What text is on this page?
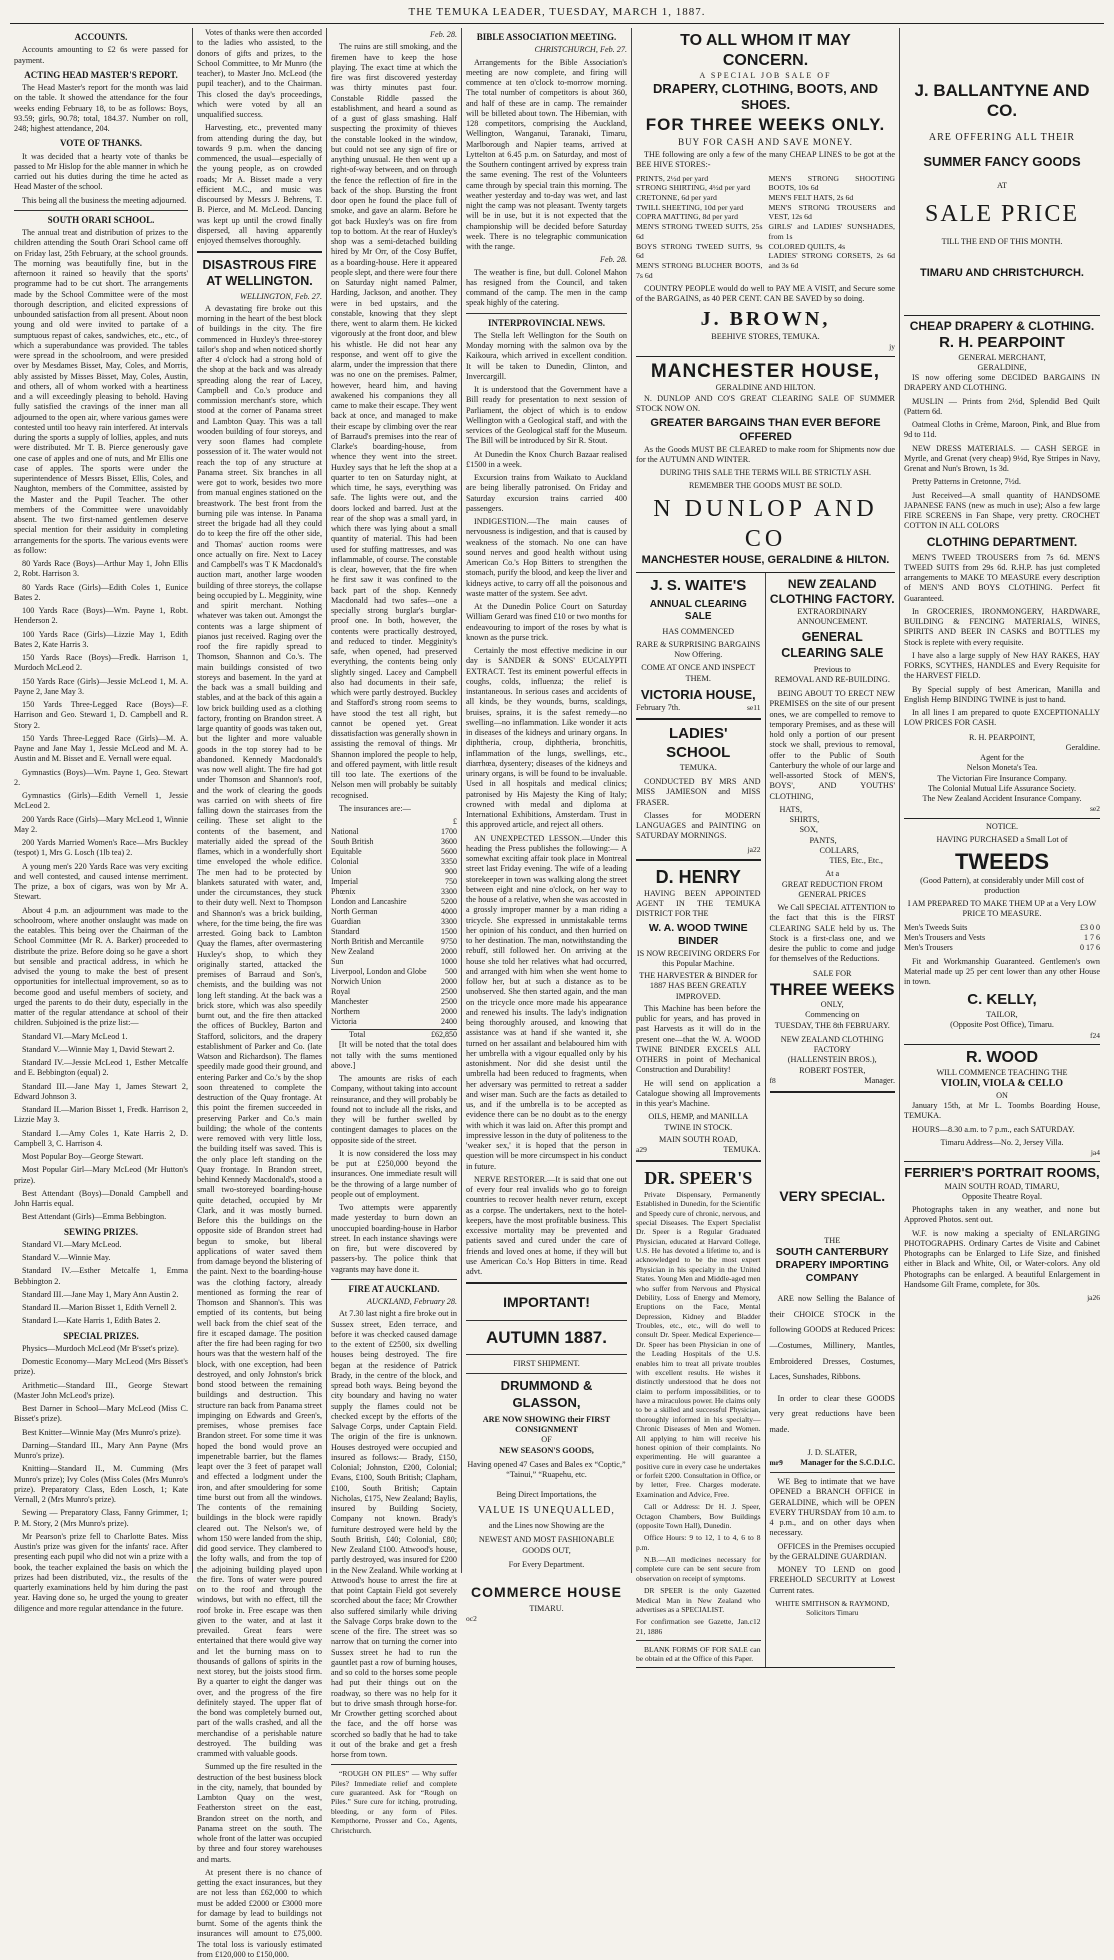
THE TEMUKA LEADER, TUESDAY, MARCH 1, 1887.
ACCOUNTS.

Accounts amounting to £2 6s were passed for payment.

ACTING HEAD MASTER'S REPORT.

The Head Master's report for the month was laid on the table. It showed the attendance for the four weeks ending February 18, to be as follows: Boys, 93.59; girls, 90.78; total, 184.37. Number on roll, 248; highest attendance, 204.

VOTE OF THANKS.

It was decided that a hearty vote of thanks be passed to Mr Hislop for the able manner in which he carried out his duties during the time he acted as Head Master of the school.

This being all the business the meeting adjourned.

SOUTH ORARI SCHOOL.

The annual treat and distribution of prizes to the children attending the South Orari School came off on Friday last, 25th February, at the school grounds. The morning was beautifully fine, but in the afternoon it rained so heavily that the sports' programme had to be cut short. The arrangements made by the School Committee were of the most thorough description, and elicited expressions of unbounded satisfaction from all present. About noon young and old were invited to partake of a sumptuous repast of cakes, sandwiches, etc., etc., of which a superabundance was provided. The tables were spread in the schoolroom, and were presided over by Mesdames Bisset, May, Coles, and Morris, ably assisted by Misses Bisset, May, Coles, Austin, and others, all of whom worked with a heartiness and a will exceedingly pleasing to behold. Having fully satisfied the cravings of the inner man all adjourned to the open air, where various games were contested until too heavy rain interfered. At intervals during the sports a supply of lollies, apples, and nuts were distributed. Mr T. B. Pierce generously gave one case of apples and one of nuts, and Mr Ellis one case of apples. The sports were under the superintendence of Messrs Bisset, Ellis, Coles, and Naughton, members of the Committee, assisted by the Master and the Pupil Teacher. The other members of the Committee were unavoidably absent. The two first-named gentlemen deserve special mention for their assiduity in completing arrangements for the sports. The various events were as follow:

80 Yards Race (Boys)—Arthur May 1, John Ellis 2, Robt. Harrison 3.

80 Yards Race (Girls)—Edith Coles 1, Eunice Bates 2.

100 Yards Race (Boys)—Wm. Payne 1, Robt. Henderson 2.

100 Yards Race (Girls)—Lizzie May 1, Edith Bates 2, Kate Harris 3.

150 Yards Race (Boys)—Fredk. Harrison 1, Murdoch McLeod 2.

150 Yards Race (Girls)—Jessie McLeod 1, M. A. Payne 2, Jane May 3.

150 Yards Three-Legged Race (Boys)—F. Harrison and Geo. Steward 1, D. Campbell and R. Story 2.

150 Yards Three-Legged Race (Girls)—M. A. Payne and Jane May 1, Jessie McLeod and M. A. Austin and M. Bisset and E. Vernall were equal.

Gymnastics (Boys)—Wm. Payne 1, Geo. Stewart 2.

Gymnastics (Girls)—Edith Vernell 1, Jessie McLeod 2.

200 Yards Race (Girls)—Mary McLeod 1, Winnie May 2.

200 Yards Married Women's Race—Mrs Buckley (tespot) 1, Mrs G. Losch (1lb tea) 2.

A young men's 220 Yards Race was very exciting and well contested, and caused intense merriment. The prize, a box of cigars, was won by Mr A. Stewart.

About 4 p.m. an adjournment was made to the schoolroom, where another onslaught was made on the eatables. This being over the Chairman of the School Committee (Mr R. A. Barker) proceeded to distribute the prize. Before doing so he gave a short but sensible and practical address, in which he advised the young to make the best of present opportunities for intellectual improvement, so as to become good and useful members of society, and urged the parents to do their duty, especially in the matter of the regular attendance at school of their children. Subjoined is the prize list:—

Standard VI.—Mary McLeod 1.

Standard V.—Winnie May 1, David Stewart 2.

Standard IV.—Jessie McLeod 1, Esther Metcalfe and E. Bebbington (equal) 2.

Standard III.—Jane May 1, James Stewart 2, Edward Johnson 3.

Standard II.—Marion Bisset 1, Fredk. Harrison 2, Lizzie May 3.

Standard I.—Amy Coles 1, Kate Harris 2, D. Campbell 3, C. Harrison 4.

Most Popular Boy—George Stewart.

Most Popular Girl—Mary McLeod (Mr Hutton's prize).

Best Attendant (Boys)—Donald Campbell and John Harris equal.

Best Attendant (Girls)—Emma Bebbington.

SEWING PRIZES.

Standard VI.—Mary McLeod.

Standard V.—Winnie May.

Standard IV.—Esther Metcalfe 1, Emma Bebbington 2.

Standard III.—Jane May 1, Mary Ann Austin 2.

Standard II.—Marion Bisset 1, Edith Vernell 2.

Standard I.—Kate Harris 1, Edith Bates 2.

SPECIAL PRIZES.

Physics—Murdoch McLeod (Mr B'sset's prize).

Domestic Economy—Mary McLeod (Mrs Bisset's prize).

Arithmetic—Standard III., George Stewart (Master John McLeod's prize).

Best Darner in School—Mary McLeod (Miss C. Bisset's prize).

Best Knitter—Winnie May (Mrs Munro's prize).

Darning—Standard III., Mary Ann Payne (Mrs Munro's prize).

Knitting—Standard II., M. Cumming (Mrs Munro's prize); Ivy Coles (Miss Coles (Mrs Munro's prize). Preparatory Class, Eden Losch, 1; Kate Vernall, 2 (Mrs Munro's prize).

Sewing — Preparatory Class, Fanny Grimmer, 1; P. M. Story, 2 (Mrs Munro's prize).

Mr Pearson's prize fell to Charlotte Bates. Miss Austin's prize was given for the infants' race. After presenting each pupil who did not win a prize with a book, the teacher explained the basis on which the prizes had been distributed, viz., the results of the quarterly examinations held by him during the past year. Having done so, he urged the young to greater diligence and more regular attendance in the future.

Votes of thanks were then accorded to the ladies who assisted, to the donors of gifts and prizes, to the School Committee, to Mr Munro (the teacher), to Master Jno. McLeod (the pupil teacher), and to the Chairman. This closed the day's proceedings, which were voted by all an unqualified success.

Harvesting, etc., prevented many from attending during the day, but towards 9 p.m. when the dancing commenced, the usual—especially of the young people, as on crowded roads; Mr A. Bisset made a very efficient M.C., and music was discoursed by Messrs J. Behrens, T. B. Pierce, and M. McLeod. Dancing was kept up until the crowd finally dispersed, all having apparently enjoyed themselves thoroughly.

DISASTROUS FIRE AT WELLINGTON.
WELLINGTON, Feb. 27.

A devastating fire broke out this morning in the heart of the best block of buildings in the city. The fire commenced in Huxley's three-storey tailor's shop and when noticed shortly after 4 o'clock had a strong hold of the shop at the back and was already spreading along the rear of Lacey, Campbell and Co.'s produce and commission merchant's store, which stood at the corner of Panama street and Lambton Quay. This was a tall wooden building of four storeys, and very soon flames had complete possession of it. The water would not reach the top of any structure at Panama street. Six branches in all were got to work, besides two more from manual engines stationed on the breastwork. The best front from the burning pile was intense. In Panama street the brigade had all they could do to keep the fire off the other side, and Thomas' auction rooms were once actually on fire. Next to Lacey and Campbell's was T K Macdonald's auction mart, another large wooden building of three storeys, the collapse being occupied by L. Megginity, wine and spirit merchant. Nothing whatever was taken out. Amongst the contents was a large shipment of pianos just received. Raging over the roof the fire rapidly spread to Thomson, Shannon and Co.'s. The main buildings consisted of two storeys and basement. In the yard at the back was a small building and stables, and at the back of this again a low brick building used as a clothing factory, fronting on Brandon street. A large quantity of goods was taken out, but the lighter and more valuable goods in the top storey had to be abandoned. Kennedy Macdonald's was now well alight. The fire had got under Thomson and Shannon's roof, and the work of clearing the goods was carried on with sheets of fire falling down the staircases from the ceiling. These set alight to the contents of the basement, and materially aided the spread of the flames, which in a wonderfully short time enveloped the whole edifice. The men had to be protected by blankets saturated with water, and, under the circumstances, they stuck to their duty well. Next to Thompson and Shannon's was a brick building, where, for the time being, the fire was arrested. Going back to Lambton Quay the flames, after overmastering Huxley's shop, to which they originally started, attacked the premises of Barraud and Son's, chemists, and the building was not long left standing. At the back was a brick store, which was also speedily burnt out, and the fire then attacked the offices of Buckley, Barton and Stafford, solicitors, and the drapery establishment of Parker and Co. (late Watson and Richardson). The flames speedily made good their ground, and entering Parker and Co.'s by the shop soon threatened to complete the destruction of the Quay frontage. At this point the firemen succeeded in preserving Parker and Co.'s main building; the whole of the contents were removed with very little loss, the building itself was saved. This is the only place left standing on the Quay frontage. In Brandon street, behind Kennedy Macdonald's, stood a small two-storeyed boarding-house quite detached, occupied by Mr Clark, and it was mostly burned. Before this the buildings on the opposite side of Brandon street had begun to smoke, but liberal applications of water saved them from damage beyond the blistering of the paint. Next to the boarding-house was the clothing factory, already mentioned as forming the rear of Thomson and Shannon's. This was emptied of its contents, but being well back from the chief seat of the fire it escaped damage. The position after the fire had been raging for two hours was that the western half of the block, with one exception, had been destroyed, and only Johnston's brick bond stood between the remaining buildings and destruction. This structure ran back from Panama street impinging on Edwards and Green's, premises, whose premises face Brandon street. For some time it was hoped the bond would prove an impenetrable barrier, but the flames leapt over the 3 feet of parapet wall and effected a lodgment under the iron, and after smouldering for some time burst out from all the windows. The contents of the remaining buildings in the block were rapidly cleared out. The Nelson's we, of whom 150 were landed from the ship, did good service. They clambered to the lofty walls, and from the top of the adjoining building played upon the fire. Tons of water were poured on to the roof and through the windows, but with no effect, till the roof broke in. Free escape was then given to the water, and at last it prevailed. Great fears were entertained that there would give way and let the burning mass on to thousands of gallons of spirits in the next storey, but the joists stood firm. By a quarter to eight the danger was over, and the progress of the fire definitely stayed. The upper flat of the bond was completely burned out, part of the walls crashed, and all the merchandise of a perishable nature destroyed. The building was crammed with valuable goods.

Summed up the fire resulted in the destruction of the best business block in the city, namely, that bounded by Lambton Quay on the west, Featherston street on the east, Brandon street on the north, and Panama street on the south. The whole front of the latter was occupied by three and four storey warehouses and marts.

At present there is no chance of getting the exact insurances, but they are not less than £62,000 to which must be added £2000 or £3000 more for damage by lead to buildings not burnt. Some of the agents think the insurances will amount to £75,000. The total loss is variously estimated from £120,000 to £150,000.

Feb. 28.

The ruins are still smoking, and the firemen have to keep the hose playing. The exact time at which the fire was first discovered yesterday was thirty minutes past four. Constable Riddle passed the establishment, and heard a sound as of a gust of glass smashing. Half suspecting the proximity of thieves the constable looked in the window, but could not see any sign of fire or anything unusual. He then went up a right-of-way between, and on through the fence the reflection of fire in the back of the shop. Bursting the front door open he found the place full of smoke, and gave an alarm. Before he got back Huxley's was on fire from top to bottom. At the rear of Huxley's shop was a semi-detached building hired by Mr Orr, of the Cosy Buffet, as a boarding-house. Here it appeared people slept, and there were four there on Saturday night named Palmer, Harding, Jackson, and another. They were in bed upstairs, and the constable, knowing that they slept there, went to alarm them. He kicked vigorously at the front door, and blew his whistle. He did not hear any response, and went off to give the alarm, under the impression that there was no one on the premises. Palmer, however, heard him, and having awakened his companions they all came to make their escape. They went back at once, and managed to make their escape by climbing over the rear of Barraud's premises into the rear of Clarke's boarding-house, from whence they went into the street. Huxley says that he left the shop at a quarter to ten on Saturday night, at which time, he says, everything was safe. The lights were out, and the doors locked and barred. Just at the rear of the shop was a small yard, in which there was lying about a small quantity of material. This had been used for stuffing mattresses, and was inflammable, of course. The constable is clear, however, that the fire when he first saw it was confined to the back part of the shop. Kennedy Macdonald had two safes—one a specially strong burglar's burglar-proof one. In both, however, the contents were practically destroyed, and reduced to tinder. Megginity's safe, when opened, had preserved everything, the contents being only slightly singed. Lacey and Campbell also had documents in their safe, which were partly destroyed. Buckley and Stafford's strong room seems to have stood the test all right, but cannot be opened yet. Great dissatisfaction was generally shown in assisting the removal of things. Mr Shannon implored the people to help, and offered payment, with little result till too late. The exertions of the Nelson men will probably be suitably recognised.

The insurances are:—

£
National	1700
South British	3600
Equitable	5600
Colonial	3350
Union	900
Imperial	750
Phœnix	3300
London and Lancashire	5200
North German	4000
Guardian	3300
Standard	1500
North British and Mercantile	9750
New Zealand	2000
Sun	1000
Liverpool, London and Globe	500
Norwich Union	2000
Royal	2500
Manchester	2500
Northern	2000
Victoria	2400
Total	£62,850

[It will be noted that the total does not tally with the sums mentioned above.]

The amounts are risks of each Company, without taking into account reinsurance, and they will probably be found not to include all the risks, and they will be further swelled by contingent damages to places on the opposite side of the street.

It is now considered the loss may be put at £250,000 beyond the insurances. One immediate result will be the throwing of a large number of people out of employment.

Two attempts were apparently made yesterday to burn down an unoccupied boarding-house in Harbor street. In each instance shavings were on fire, but were discovered by passers-by. The police think that vagrants may have done it.

FIRE AT AUCKLAND.
AUCKLAND, February 28.

At 7.30 last night a fire broke out in Sussex street, Eden terrace, and before it was checked caused damage to the extent of £2500, six dwelling houses being destroyed. The fire began at the residence of Patrick Brady, in the centre of the block, and spread both ways. Being beyond the city boundary and having no water supply the flames could not be checked except by the efforts of the Salvage Corps, under Captain Field. The origin of the fire is unknown. Houses destroyed were occupied and insured as follows:— Brady, £150, Colonial; Johnston, £200, Colonial; Evans, £100, South British; Clapham, £100, South British; Captain Nicholas, £175, New Zealand; Baylis, insured by Building Society, Company not known. Brady's furniture destroyed were held by the South British, £40; Colonial, £80; New Zealand £100. Attwood's house, partly destroyed, was insured for £200 in the New Zealand. While working at Attwood's house to arrest the fire at that point Captain Field got severely scorched about the face; Mr Crowther also suffered similarly while driving the Salvage Corps brake down to the scene of the fire. The street was so narrow that on turning the corner into Sussex street he had to run the gauntlet past a row of burning houses, and so cold to the horses some people had put their things out on the roadway, so there was no help for it but to drive smash through horse-for. Mr Crowther getting scorched about the face, and the off horse was scorched so badly that he had to take it out of the brake and get a fresh horse from town.

“ROUGH ON PILES” — Why suffer Piles? Immediate relief and complete cure guaranteed. Ask for “Rough on Piles.” Sure cure for itching, protruding, bleeding, or any form of Piles. Kempthorne, Prosser and Co., Agents, Christchurch.

BIBLE ASSOCIATION MEETING.
CHRISTCHURCH, Feb. 27.

Arrangements for the Bible Association's meeting are now complete, and firing will commence at ten o'clock to-morrow morning. The total number of competitors is about 360, and half of these are in camp. The remainder will be billeted about town. The Hibernian, with 128 competitors, comprising the Auckland, Wellington, Wanganui, Taranaki, Timaru, Marlborough and Napier teams, arrived at Lyttelton at 6.45 p.m. on Saturday, and most of the Southern contingent arrived by express train the same evening. The rest of the Volunteers came through by special train this morning. The weather yesterday and to-day was wet, and last night the camp was not pleasant. Twenty targets will be in use, but it is not expected that the championship will be decided before Saturday week. There is no telegraphic communication with the range.

Feb. 28.

The weather is fine, but dull. Colonel Mahon has resigned from the Council, and taken command of the camp. The men in the camp speak highly of the catering.

INTERPROVINCIAL NEWS.

The Stella left Wellington for the South on Monday morning with the salmon ova by the Kaikoura, which arrived in excellent condition. It will be taken to Dunedin, Clinton, and Invercargill.

It is understood that the Government have a Bill ready for presentation to next session of Parliament, the object of which is to endow Wellington with a Geological staff, and with the services of the Geological staff for the Museum. The Bill will be introduced by Sir R. Stout.

At Dunedin the Knox Church Bazaar realised £1500 in a week.

Excursion trains from Waikato to Auckland are being liberally patronised. On Friday and Saturday excursion trains carried 400 passengers.

INDIGESTION.—The main causes of nervousness is indigestion, and that is caused by weakness of the stomach. No one can have sound nerves and good health without using American Co.'s Hop Bitters to strengthen the stomach, purify the blood, and keep the liver and kidneys active, to carry off all the poisonous and waste matter of the system. See advt.

At the Dunedin Police Court on Saturday William Gerard was fined £10 or two months for endeavouring to import of the roses by what is known as the purse trick.

Certainly the most effective medicine in our day is SANDER & SONS' EUCALYPTI EXTRACT. Test its eminent powerful effects in coughs, colds, influenza; the relief is instantaneous. In serious cases and accidents of all kinds, be they wounds, burns, scaldings, bruises, sprains, it is the safest remedy—no swelling—no inflammation. Like wonder it acts in diseases of the kidneys and urinary organs. In diphtheria, croup, diphtheria, bronchitis, inflammation of the lungs, swellings, etc., diarrhœa, dysentery; diseases of the kidneys and urinary organs, is will be found to be invaluable. Used in all hospitals and medical clinics; patronised by His Majesty the King of Italy; crowned with medal and diploma at International Exhibitions, Amsterdam. Trust in this approved article, and reject all others.

AN UNEXPECTED LESSON.—Under this heading the Press publishes the following:— A somewhat exciting affair took place in Montreal street last Friday evening. The wife of a leading storekeeper in town was walking along the street between eight and nine o'clock, on her way to the house of a relative, when she was accosted in a grossly improper manner by a man riding a tricycle. She expressed in unmistakable terms her opinion of his conduct, and then hurried on to her destination. The man, notwithstanding the rebuff, still followed her. On arriving at the house she told her relatives what had occurred, and arranged with him when she went home to follow her, but at such a distance as to be unobserved. She then started again, and the man on the tricycle once more made his appearance and renewed his insults. The lady's indignation being thoroughly aroused, and knowing that assistance was at hand if she wanted it, she turned on her assailant and belaboured him with her umbrella with a vigour equalled only by his astonishment. Nor did she desist until the umbrella had been reduced to fragments, when her adversary was permitted to retreat a sadder and wiser man. Such are the facts as detailed to us, and if the umbrella is to be accepted as evidence there can be no doubt as to the energy with which it was laid on. After this prompt and impressive lesson in the duty of politeness to the 'weaker sex,' it is hoped that the person in question will be more circumspect in his conduct in future.

NERVE RESTORER.—It is said that one out of every four real invalids who go to foreign countries to recover health never return, except as a corpse. The undertakers, next to the hotel-keepers, have the most profitable business. This excessive mortality may be prevented and patients saved and cured under the care of friends and loved ones at home, if they will but use American Co.'s Hop Bitters in time. Read advt.

IMPORTANT!
AUTUMN 1887.
FIRST SHIPMENT.
DRUMMOND & GLASSON,
ARE NOW SHOWING their FIRST CONSIGNMENT
OF
NEW SEASON'S GOODS,
Having opened 47 Cases and Bales ex “Coptic,” “Tainui,” “Ruapehu, etc.
Being Direct Importations, the
VALUE IS UNEQUALLED,
and the Lines now Showing are the
NEWEST AND MOST FASHIONABLE GOODS OUT,
For Every Department.
COMMERCE HOUSE
TIMARU.
oc2
TO ALL WHOM IT MAY CONCERN.
A SPECIAL JOB SALE OF
DRAPERY, CLOTHING, BOOTS, AND SHOES.
FOR THREE WEEKS ONLY.
BUY FOR CASH AND SAVE MONEY.

THE following are only a few of the many CHEAP LINES to be got at the BEE HIVE STORES:-

PRINTS, 2½d per yard
STRONG SHIRTING, 4½d per yard
CRETONNE, 6d per yard
TWILL SHEETING, 10d per yard
COPRA MATTING, 8d per yard
MEN'S STRONG TWEED SUITS, 25s 6d
BOYS STRONG TWEED SUITS, 9s 6d
MEN'S STRONG BLUCHER BOOTS, 7s 6d
MEN'S STRONG SHOOTING BOOTS, 10s 6d
MEN'S FELT HATS, 2s 6d
MEN'S STRONG TROUSERS and VEST, 12s 6d
GIRLS' and LADIES' SUNSHADES, from 1s
COLORED QUILTS, 4s
LADIES' STRONG CORSETS, 2s 6d and 3s 6d

COUNTRY PEOPLE would do well to PAY ME A VISIT, and Secure some of the BARGAINS, as 40 PER CENT. CAN BE SAVED by so doing.

J. BROWN,
BEEHIVE STORES, TEMUKA.
jy
MANCHESTER HOUSE,
GERALDINE AND HILTON.

N. DUNLOP AND CO'S GREAT CLEARING SALE OF SUMMER STOCK NOW ON.

GREATER BARGAINS THAN EVER BEFORE OFFERED

As the Goods MUST BE CLEARED to make room for Shipments now due for the AUTUMN AND WINTER.

DURING THIS SALE THE TERMS WILL BE STRICTLY ASH.
REMEMBER THE GOODS MUST BE SOLD.
N DUNLOP AND CO
MANCHESTER HOUSE, GERALDINE & HILTON.
J. S. WAITE'S
ANNUAL CLEARING SALE
HAS COMMENCED
RARE & SURPRISING BARGAINS Now Offering.
COME AT ONCE AND INSPECT THEM.
VICTORIA HOUSE,
February 7th.	se11
LADIES' SCHOOL
TEMUKA.

CONDUCTED BY MRS AND MISS JAMIESON and MISS FRASER.

Classes for MODERN LANGUAGES and PAINTING on SATURDAY MORNINGS.

ja22
D. HENRY

HAVING BEEN APPOINTED AGENT IN THE TEMUKA DISTRICT FOR THE

W. A. WOOD TWINE BINDER
IS NOW RECEIVING ORDERS For this Popular Machine.
THE HARVESTER & BINDER for 1887 HAS BEEN GREATLY IMPROVED.

This Machine has been before the public for years, and has proved in past Harvests as it will do in the present one—that the W. A. WOOD TWINE BINDER EXCELS ALL OTHERS in point of Mechanical Construction and Durability!

He will send on application a Catalogue showing all Improvements in this year's Machine.

OILS, HEMP, and MANILLA TWINE IN STOCK.
MAIN SOUTH ROAD,
a29	TEMUKA.
DR. SPEER'S

Private Dispensary, Permanently Established in Dunedin, for the Scientific and Speedy cure of chronic, nervous, and special Diseases. The Expert Specialist Dr. Speer is a Regular Graduated Physician, educated at Harvard College, U.S. He has devoted a lifetime to, and is acknowledged to be the most expert Physician in his specialty in the United States. Young Men and Middle-aged men who suffer from Nervous and Physical Debility, Loss of Energy and Memory, Eruptions on the Face, Mental Depression, Kidney and Bladder Troubles, etc., etc., will do well to consult Dr. Speer. Medical Experience— Dr. Speer has been Physician in one of the Leading Hospitals of the U.S. enables him to treat all private troubles with excellent results. He wishes it distinctly understood that he does not claim to perform impossibilities, or to have a miraculous power. He claims only to be a skilled and successful Physician, thoroughly informed in his specialty— Chronic Diseases of Men and Women. All applying to him will receive his honest opinion of their complaints. No experimenting. He will guarantee a positive cure in every case he undertakes or forfeit £200. Consultation in Office, or by letter, Free. Charges moderate. Examination and Advice, Free.

Call or Address: Dr H. J. Speer, Octagon Chambers, Bow Buildings (opposite Town Hall), Dunedin.

Office Hours: 9 to 12, 1 to 4, 6 to 8 p.m.

N.B.—All medicines necessary for complete cure can be sent secure from observation on receipt of symptoms.

DR SPEER is the only Gazetted Medical Man in New Zealand who advertises as a SPECIALIST.

For confirmation see Gazette, Jan. 21, 1886
c12

BLANK FORMS OF FOR SALE can be obtain ed at the Office of this Paper.

NEW ZEALAND CLOTHING FACTORY.
EXTRAORDINARY ANNOUNCEMENT.
GENERAL CLEARING SALE
Previous to
REMOVAL AND RE-BUILDING.

BEING ABOUT TO ERECT NEW PREMISES on the site of our present ones, we are compelled to remove to temporary Premises, and as these will hold only a portion of our present stock we shall, previous to removal, offer to the Public of South Canterbury the whole of our large and well-assorted Stock of MEN'S, BOYS', AND YOUTHS' CLOTHING,

HATS,
SHIRTS,
SOX,
PANTS,
COLLARS,
TIES, Etc., Etc.,
At a
GREAT REDUCTION FROM GENERAL PRICES

We Call SPECIAL ATTENTION to the fact that this is the FIRST CLEARING SALE held by us. The Stock is a first-class one, and we desire the public to come and judge for themselves of the Reductions.

SALE FOR
THREE WEEKS
ONLY,
Commencing on
TUESDAY, THE 8th FEBRUARY.
NEW ZEALAND CLOTHING FACTORY
(HALLENSTEIN BROS.),
ROBERT FOSTER,
f8	Manager.
VERY SPECIAL.
THE
SOUTH CANTERBURY DRAPERY IMPORTING COMPANY

ARE now Selling the Balance of their CHOICE STOCK in the following GOODS at Reduced Prices:—Costumes, Millinery, Mantles, Embroidered Dresses, Costumes, Laces, Sunshades, Ribbons.

In order to clear these GOODS very great reductions have been made.

J. D. SLATER,
mr9 Manager for the S.C.D.I.C.

WE Beg to intimate that we have OPENED a BRANCH OFFICE in GERALDINE, which will be OPEN EVERY THURSDAY from 10 a.m. to 4 p.m., and on other days when necessary.

OFFICES in the Premises occupied by the GERALDINE GUARDIAN.

MONEY TO LEND on good FREEHOLD SECURITY at Lowest Current rates.

WHITE SMITHSON & RAYMOND, Solicitors Timaru
J. BALLANTYNE AND CO.
ARE OFFERING ALL THEIR
SUMMER FANCY GOODS
AT
SALE PRICE
TILL THE END OF THIS MONTH.
TIMARU AND CHRISTCHURCH.
CHEAP DRAPERY & CLOTHING.
R. H. PEARPOINT
GENERAL MERCHANT,
GERALDINE,

IS now offering some DECIDED BARGAINS IN DRAPERY AND CLOTHING.

MUSLIN — Prints from 2½d, Splendid Bed Quilt (Pattern 6d.

Oatmeal Cloths in Crème, Maroon, Pink, and Blue from 9d to 11d.

NEW DRESS MATERIALS. — CASH SERGE in Myrtle, and Grenat (very cheap) 9½d, Rye Stripes in Navy, Grenat and Nun's Brown, 1s 3d.

Pretty Patterns in Cretonne, 7½d.

Just Received—A small quantity of HANDSOME JAPANESE FANS (new as much in use); Also a few large FIRE SCREENS in Fan Shape, very pretty. CROCHET COTTON IN ALL COLORS

CLOTHING DEPARTMENT.

MEN'S TWEED TROUSERS from 7s 6d. MEN'S TWEED SUITS from 29s 6d. R.H.P. has just completed arrangements to MAKE TO MEASURE every description of MEN'S AND BOYS CLOTHING. Perfect fit Guaranteed.

In GROCERIES, IRONMONGERY, HARDWARE, BUILDING & FENCING MATERIALS, WINES, SPIRITS AND BEER IN CASKS and BOTTLES my Stock is replete with every requisite.

I have also a large supply of New HAY RAKES, HAY FORKS, SCYTHES, HANDLES and Every Requisite for the HARVEST FIELD.

By Special supply of best American, Manilla and English Hemp BINDING TWINE is just to hand.

In all lines I am prepared to quote EXCEPTIONALLY LOW PRICES FOR CASH.

R. H. PEARPOINT,
Geraldine.
Agent for the
Nelson Moneta's Tea.
The Victorian Fire Insurance Company.
The Colonial Mutual Life Assurance Society.
The New Zealand Accident Insurance Company.
se2
NOTICE.
HAVING PURCHASED a Small Lot of
TWEEDS
(Good Pattern), at considerably under Mill cost of production
I AM PREPARED TO MAKE THEM UP at a Very LOW PRICE TO MEASURE.
Men's Tweeds Suits	£3 0 0
Men's Trousers and Vests	1 7 6
Men's Trousers	0 17 6

Fit and Workmanship Guaranteed. Gentlemen's own Material made up 25 per cent lower than any other House in town.

C. KELLY,
TAILOR,
(Opposite Post Office), Timaru.
f24
R. WOOD
WILL COMMENCE TEACHING THE
VIOLIN, VIOLA & CELLO
ON

January 15th, at Mr L. Toombs Boarding House, TEMUKA.

HOURS—8.30 a.m. to 7 p.m., each SATURDAY.

Timaru Address—No. 2, Jersey Villa.
ja4
FERRIER'S PORTRAIT ROOMS,
MAIN SOUTH ROAD, TIMARU,
Opposite Theatre Royal.

Photographs taken in any weather, and none but Approved Photos. sent out.

W.F. is now making a specialty of ENLARGING PHOTOGRAPHS. Ordinary Cartes de Visite and Cabinet Photographs can be Enlarged to Life Size, and finished either in Black and White, Oil, or Water-colors. Any old Photographs can be enlarged. A beautiful Enlargement in Handsome Gilt Frame, complete, for 30s.

ja26
